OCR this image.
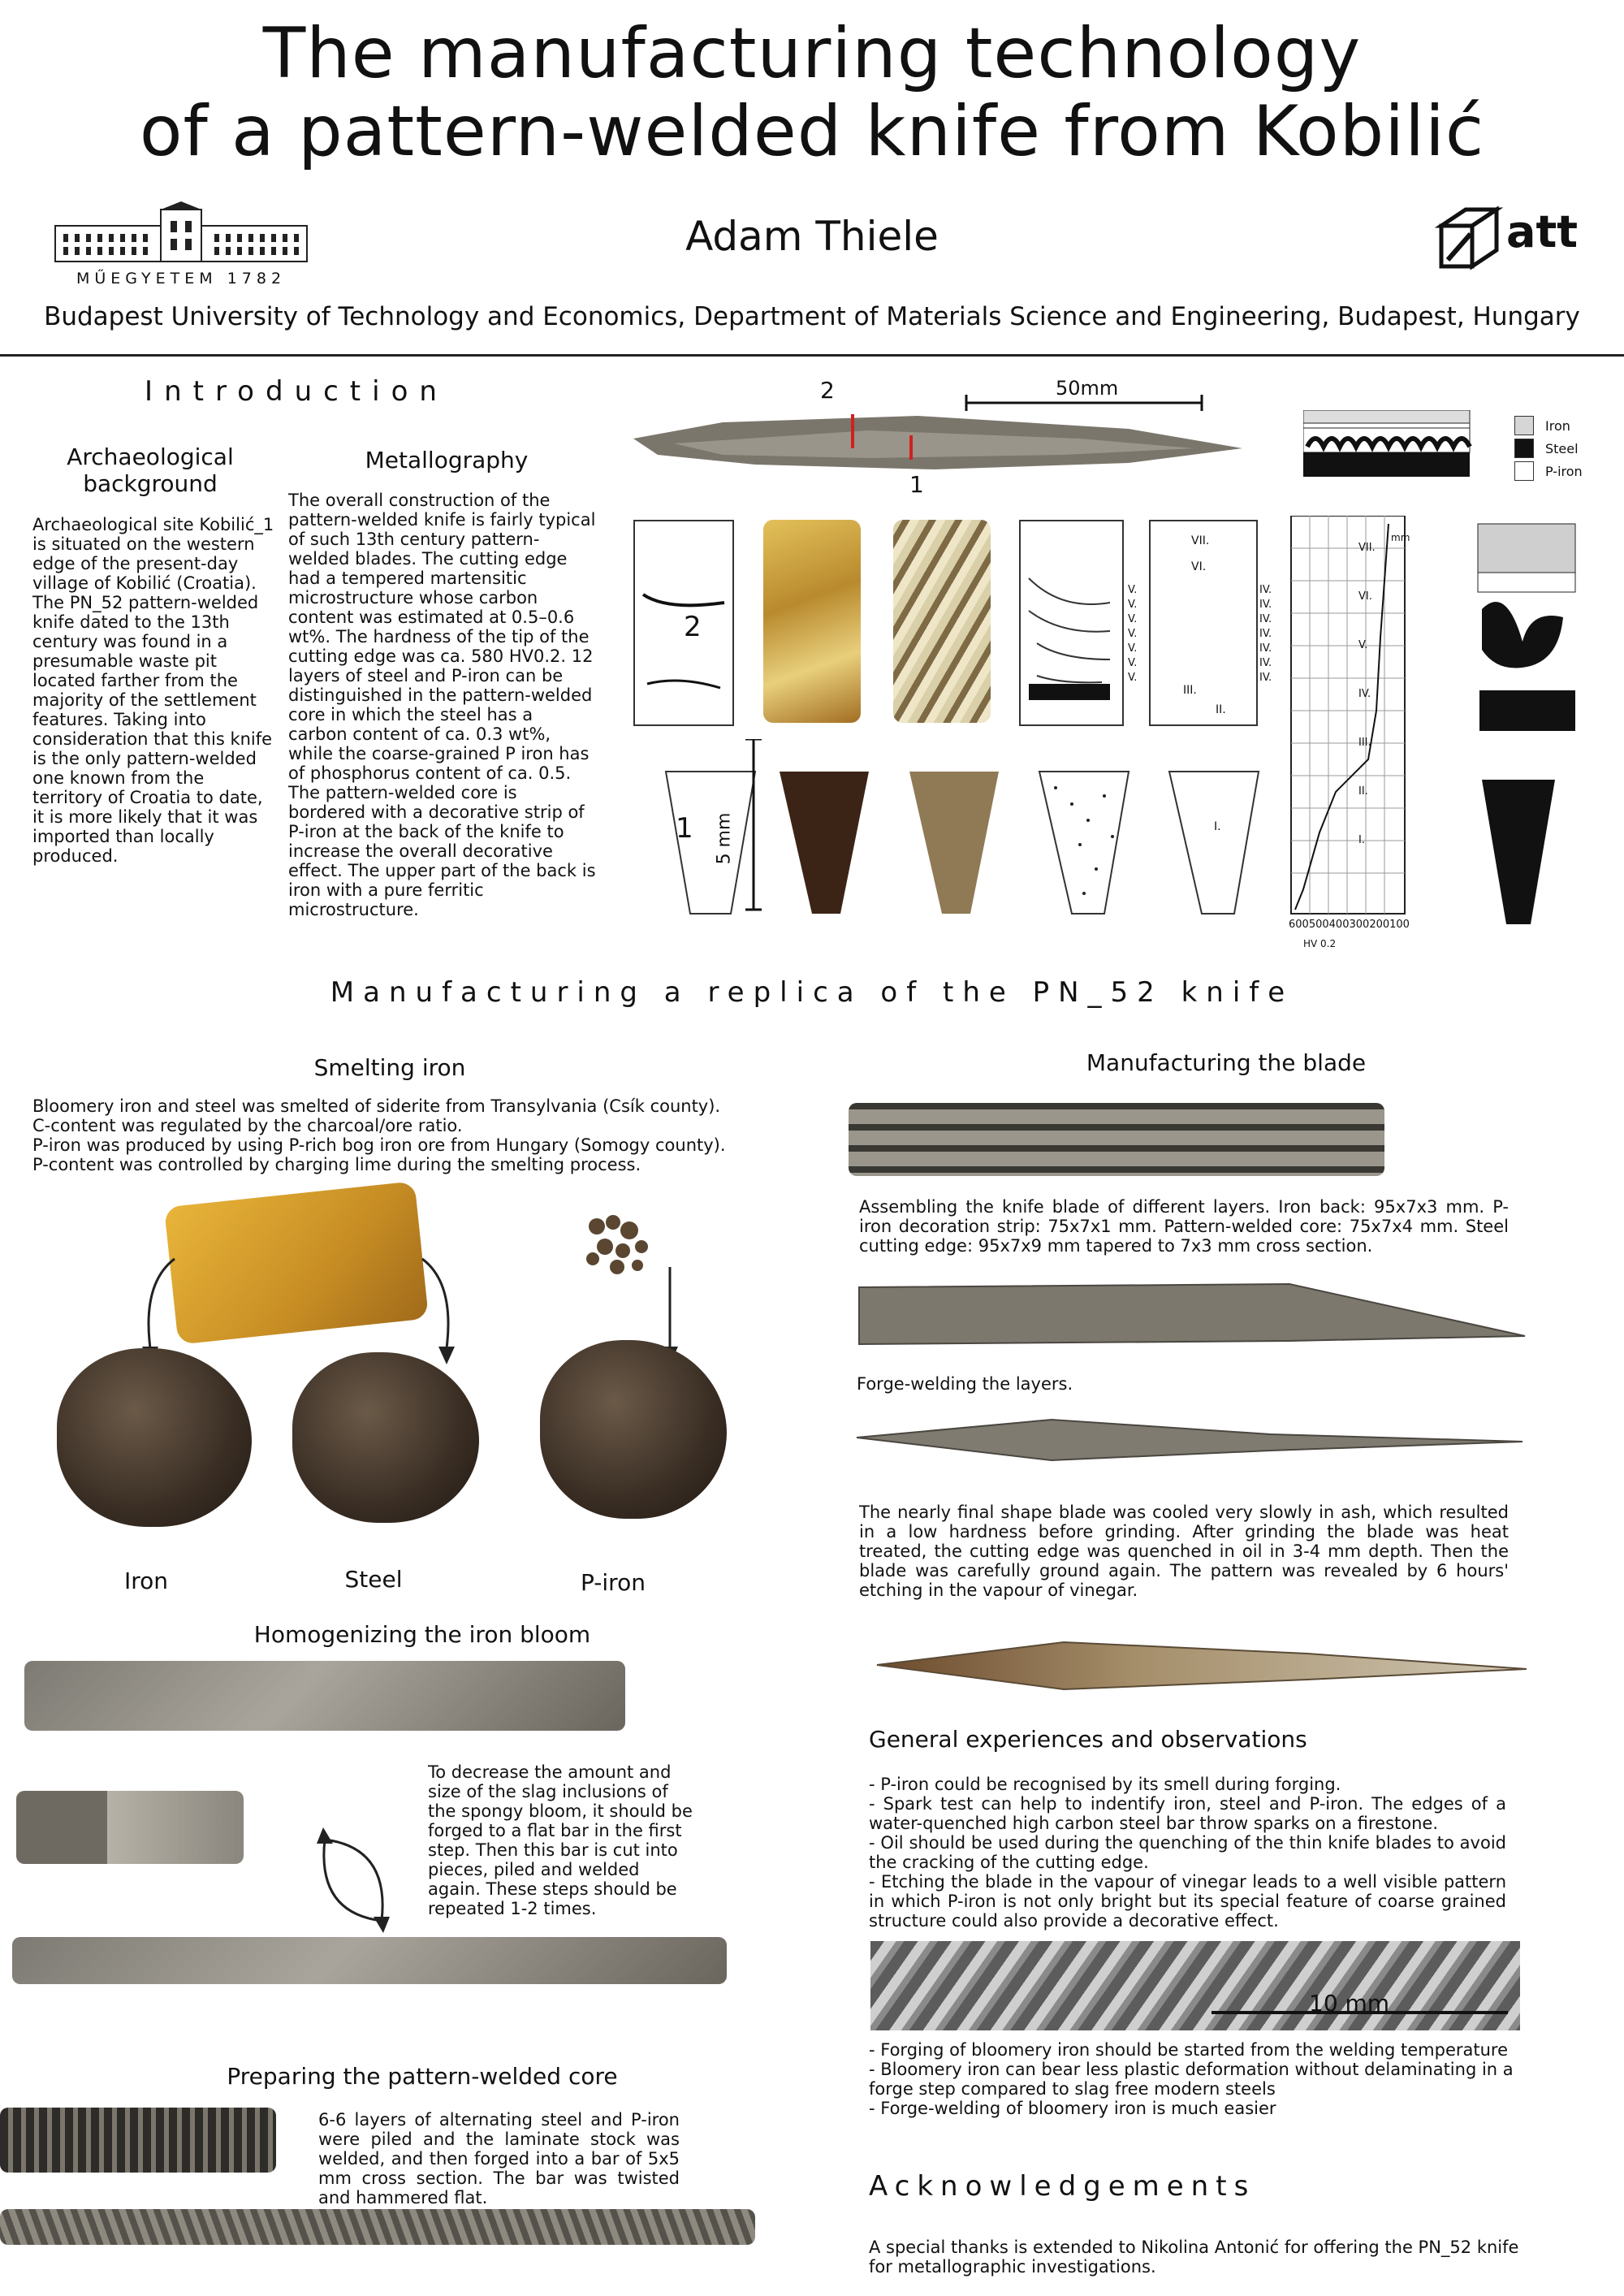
The manufacturing technology
of a pattern-welded knife from Kobilić
MŰEGYETEM 1782
Adam Thiele	att
Budapest University of Technology and Economics, Department of Materials Science and Engineering, Budapest, Hungary
Introduction
Archaeological background
Archaeological site Kobilić_1 is situated on the western edge of the present-day village of Kobilić (Croatia). The PN_52 pattern-welded knife dated to the 13th century was found in a presumable waste pit located farther from the majority of the settlement features. Taking into consideration that this knife is the only pattern-welded one known from the territory of Croatia to date, it is more likely that it was imported than locally produced.
Metallography
The overall construction of the pattern-welded knife is fairly typical of such 13th century pattern-welded blades. The cutting edge had a tempered martensitic microstructure whose carbon content was estimated at 0.5–0.6 wt%. The hardness of the tip of the cutting edge was ca. 580 HV0.2. 12 layers of steel and P-iron can be distinguished in the pattern-welded core in which the steel has a carbon content of ca. 0.3 wt%, while the coarse-grained P iron has of phosphorus content of ca. 0.5. The pattern-welded core is bordered with a decorative strip of P-iron at the back of the knife to increase the overall decorative effect. The upper part of the back is iron with a pure ferritic microstructure.
2
1
50mm
Iron
Steel
P-iron
2
VII.
VI.
III.
II.
V.
V.
V.
V.
V.
V.
V.
IV.
IV.
IV.
IV.
IV.
IV.
IV.
600 500 400 300 200 100
HV 0.2
mm
VII.
VI.
V.
IV.
III.
II.
I.
1 5 mm	I.
Manufacturing a replica of the PN_52 knife
Smelting iron
Bloomery iron and steel was smelted of siderite from Transylvania (Csík county).
C-content was regulated by the charcoal/ore ratio.
P-iron was produced by using P-rich bog iron ore from Hungary (Somogy county).
P-content was controlled by charging lime during the smelting process.
Iron	Steel	P-iron
Homogenizing the iron bloom
To decrease the amount and size of the slag inclusions of the spongy bloom, it should be forged to a flat bar in the first step. Then this bar is cut into pieces, piled and welded again. These steps should be repeated 1-2 times.
Preparing the pattern-welded core
6-6 layers of alternating steel and P-iron were piled and the laminate stock was welded, and then forged into a bar of 5x5 mm cross section. The bar was twisted and hammered flat.
Manufacturing the blade
Assembling the knife blade of different layers. Iron back: 95x7x3 mm. P-iron decoration strip: 75x7x1 mm. Pattern-welded core: 75x7x4 mm. Steel cutting edge: 95x7x9 mm tapered to 7x3 mm cross section.
Forge-welding the layers.
The nearly final shape blade was cooled very slowly in ash, which resulted in a low hardness before grinding. After grinding the blade was heat treated, the cutting edge was quenched in oil in 3-4 mm depth. Then the blade was carefully ground again. The pattern was revealed by 6 hours' etching in the vapour of vinegar.
General experiences and observations
- P-iron could be recognised by its smell during forging.
- Spark test can help to indentify iron, steel and P-iron. The edges of a water-quenched high carbon steel bar throw sparks on a firestone.
- Oil should be used during the quenching of the thin knife blades to avoid the cracking of the cutting edge.
- Etching the blade in the vapour of vinegar leads to a well visible pattern in which P-iron is not only bright but its special feature of coarse grained structure could also provide a decorative effect.
10 mm
- Forging of bloomery iron should be started from the welding temperature
- Bloomery iron can bear less plastic deformation without delaminating in a forge step compared to slag free modern steels
- Forge-welding of bloomery iron is much easier
Acknowledgements
A special thanks is extended to Nikolina Antonić for offering the PN_52 knife for metallographic investigations.
